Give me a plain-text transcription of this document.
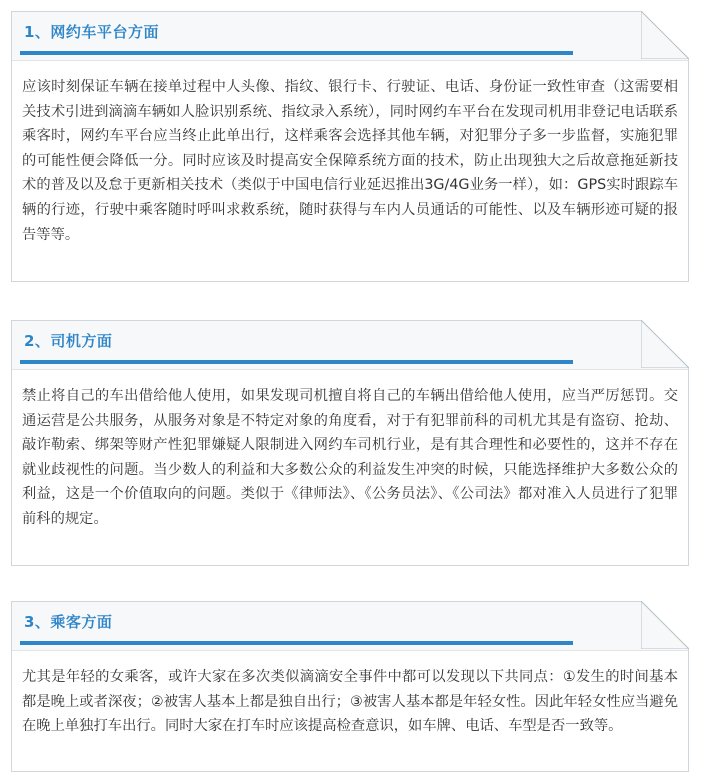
1、网约车平台方面

应该时刻保证车辆在接单过程中人头像、指纹、银行卡、行驶证、电话、身份证一致性审查（这需要相关技术引进到滴滴车辆如人脸识别系统、指纹录入系统），同时网约车平台在发现司机用非登记电话联系乘客时，网约车平台应当终止此单出行，这样乘客会选择其他车辆，对犯罪分子多一步监督，实施犯罪的可能性便会降低一分。同时应该及时提高安全保障系统方面的技术，防止出现独大之后故意拖延新技术的普及以及怠于更新相关技术（类似于中国电信行业延迟推出3G/4G业务一样），如：GPS实时跟踪车辆的行迹，行驶中乘客随时呼叫求救系统，随时获得与车内人员通话的可能性、以及车辆形迹可疑的报告等等。

2、司机方面

禁止将自己的车出借给他人使用，如果发现司机擅自将自己的车辆出借给他人使用，应当严厉惩罚。交通运营是公共服务，从服务对象是不特定对象的角度看，对于有犯罪前科的司机尤其是有盗窃、抢劫、敲诈勒索、绑架等财产性犯罪嫌疑人限制进入网约车司机行业，是有其合理性和必要性的，这并不存在就业歧视性的问题。当少数人的利益和大多数公众的利益发生冲突的时候，只能选择维护大多数公众的利益，这是一个价值取向的问题。类似于《律师法》、《公务员法》、《公司法》都对准入人员进行了犯罪前科的规定。

3、乘客方面

尤其是年轻的女乘客，或许大家在多次类似滴滴安全事件中都可以发现以下共同点：①发生的时间基本都是晚上或者深夜；②被害人基本上都是独自出行；③被害人基本都是年轻女性。因此年轻女性应当避免在晚上单独打车出行。同时大家在打车时应该提高检查意识，如车牌、电话、车型是否一致等。
